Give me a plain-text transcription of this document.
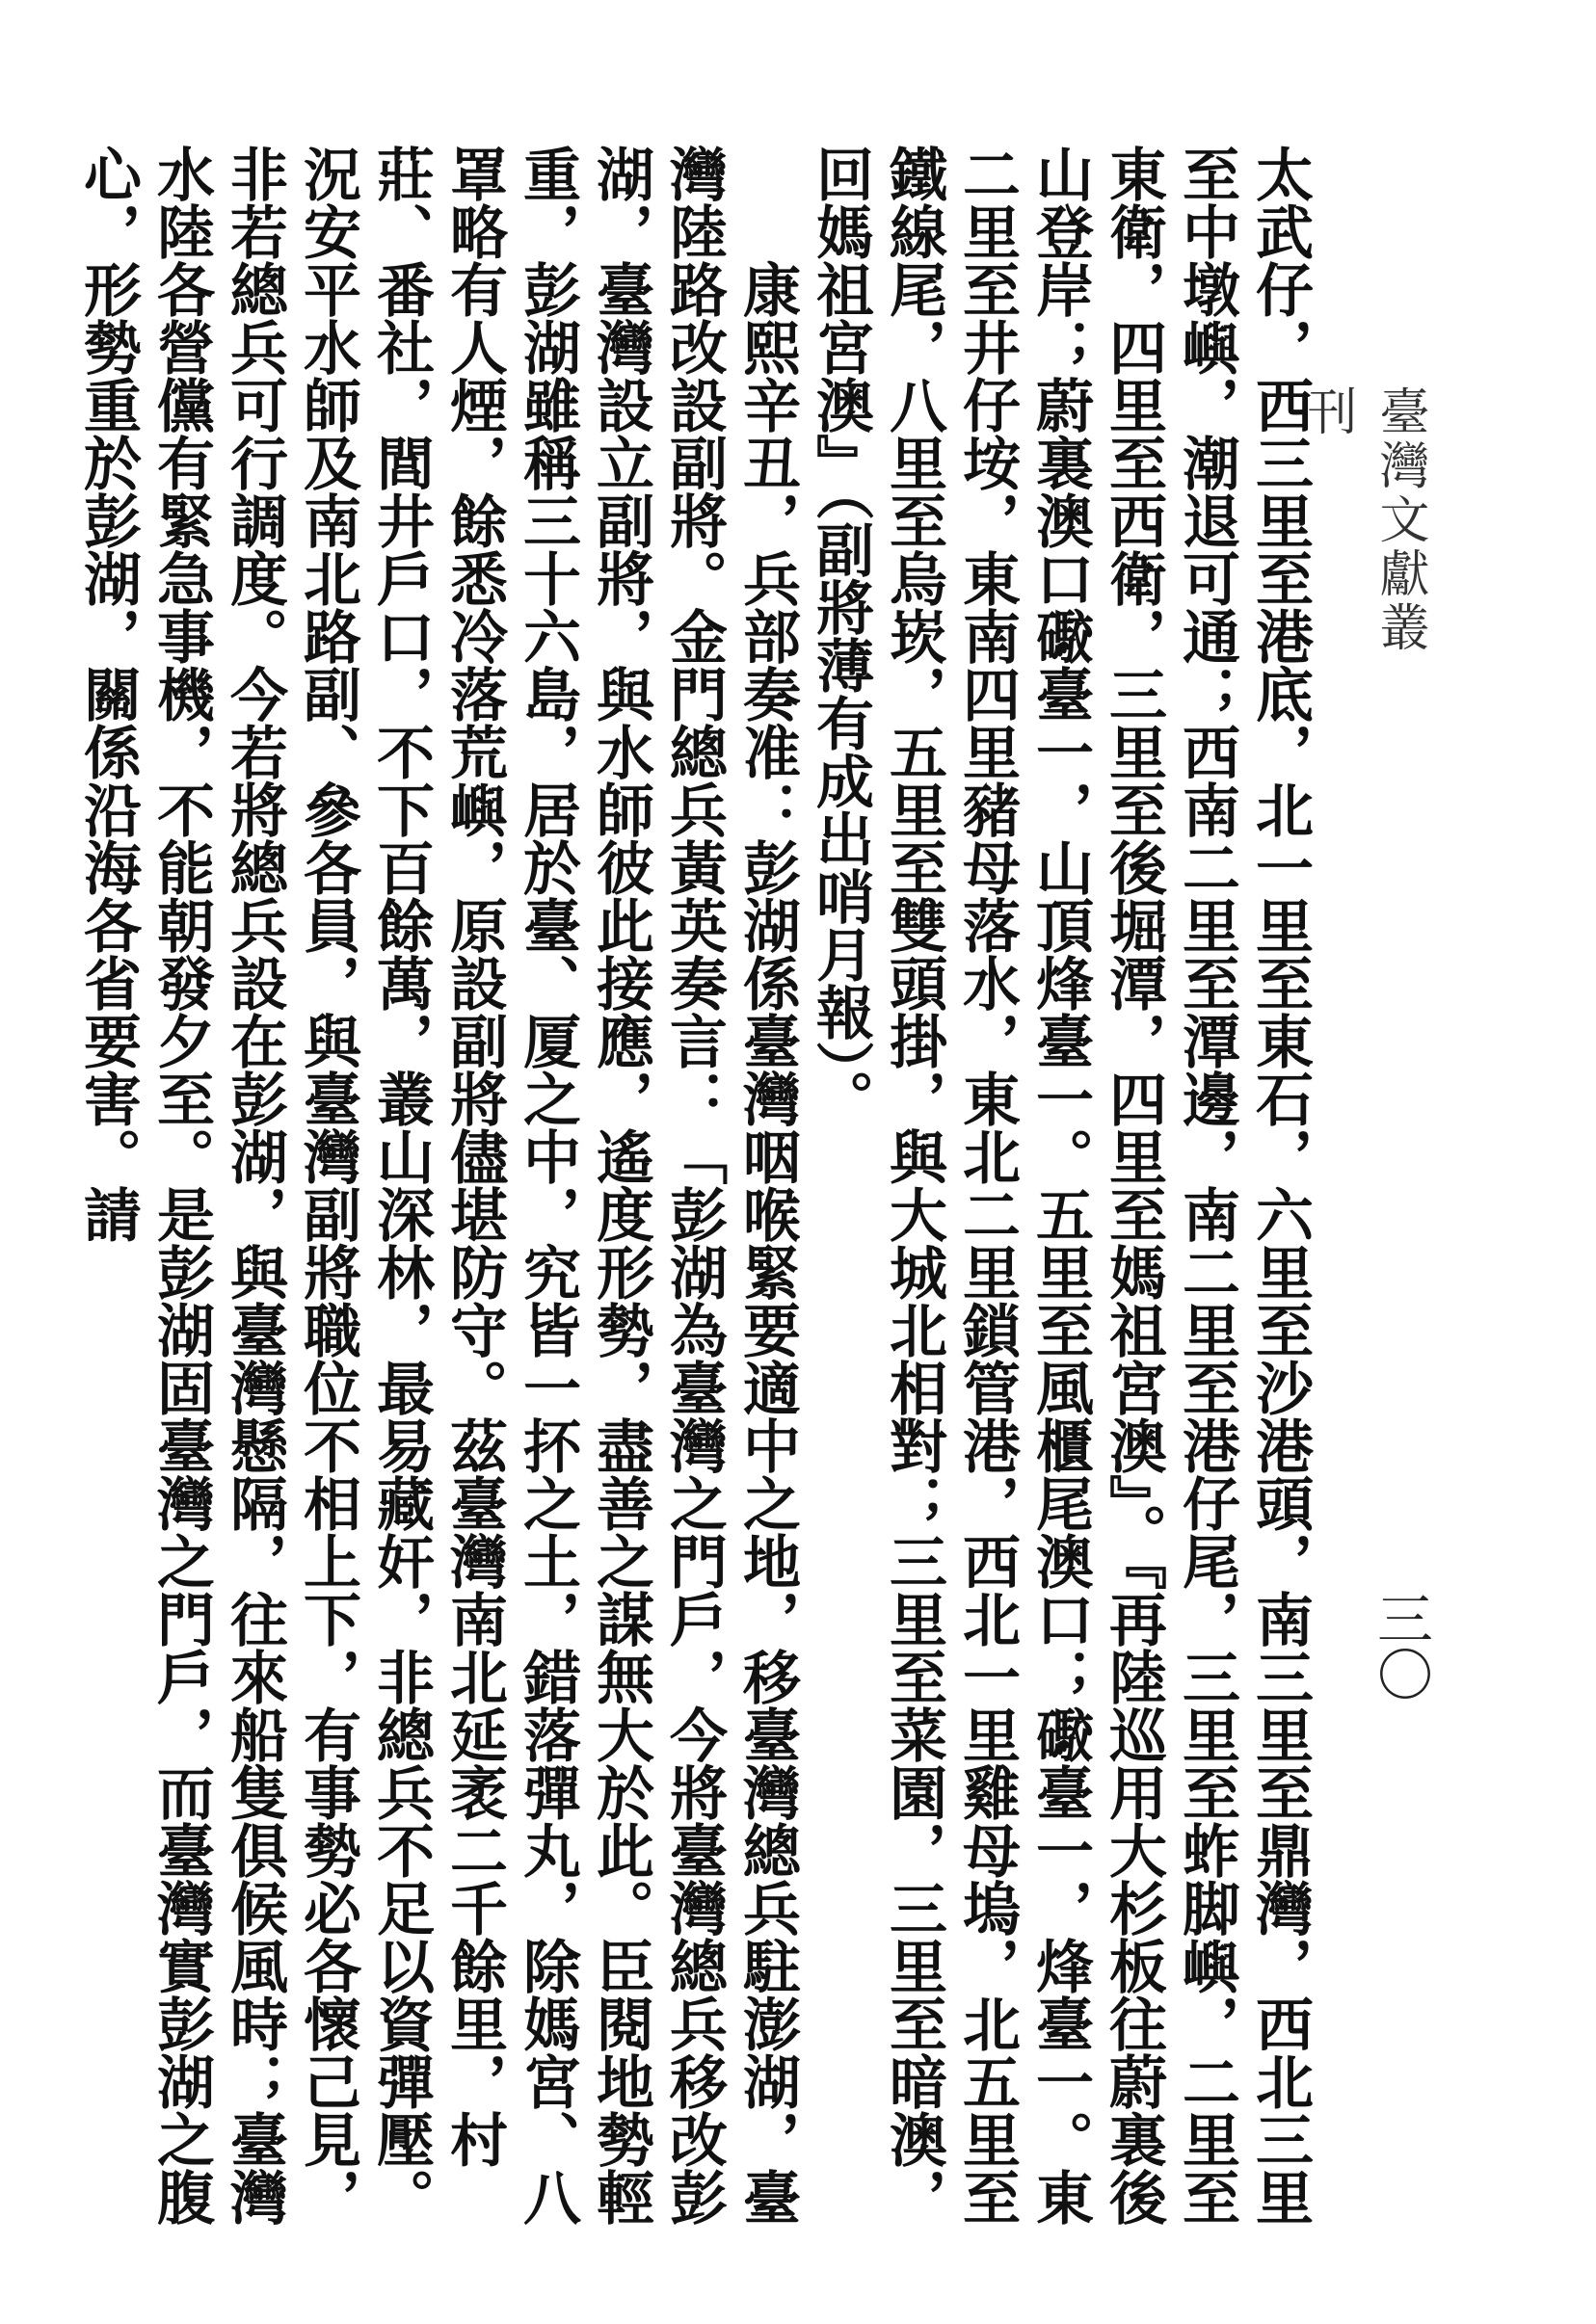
臺灣文獻叢刊
三〇

太武仔，西三里至港底，北一里至東石，六里至沙港頭，南三里至鼎灣，西北三里至中墩嶼，潮退可通；西南二里至潭邊，南二里至港仔尾，三里至蚱脚嶼，二里至東衛，四里至西衛，三里至後堀潭，四里至媽祖宮澳』。『再陸巡用大杉板往蔚裏後山登岸；蔚裏澳口礮臺一，山頂烽臺一。五里至風櫃尾澳口；礮臺一，烽臺一。東二里至井仔垵，東南四里豬母落水，東北二里鎖管港，西北一里雞母塢，北五里至鐵線尾，八里至烏崁，五里至雙頭掛，與大城北相對；三里至菜園，三里至暗澳，回媽祖宮澳』（副將薄有成出哨月報）。

康熙辛丑，兵部奏准：彭湖係臺灣咽喉緊要適中之地，移臺灣總兵駐澎湖，臺灣陸路改設副將。金門總兵黃英奏言：「彭湖為臺灣之門戶，今將臺灣總兵移改彭湖，臺灣設立副將，與水師彼此接應，遙度形勢，盡善之謀無大於此。臣閱地勢輕重，彭湖雖稱三十六島，居於臺、厦之中，究皆一抔之土，錯落彈丸，除媽宮、八罩略有人煙，餘悉冷落荒嶼，原設副將儘堪防守。茲臺灣南北延袤二千餘里，村莊、番社，閭井戶口，不下百餘萬，叢山深林，最易藏奸，非總兵不足以資彈壓。況安平水師及南北路副、參各員，與臺灣副將職位不相上下，有事勢必各懷己見，非若總兵可行調度。今若將總兵設在彭湖，與臺灣懸隔，往來船隻俱候風時；臺灣水陸各營儻有緊急事機，不能朝發夕至。是彭湖固臺灣之門戶，而臺灣實彭湖之腹心，形勢重於彭湖，關係沿海各省要害。請
